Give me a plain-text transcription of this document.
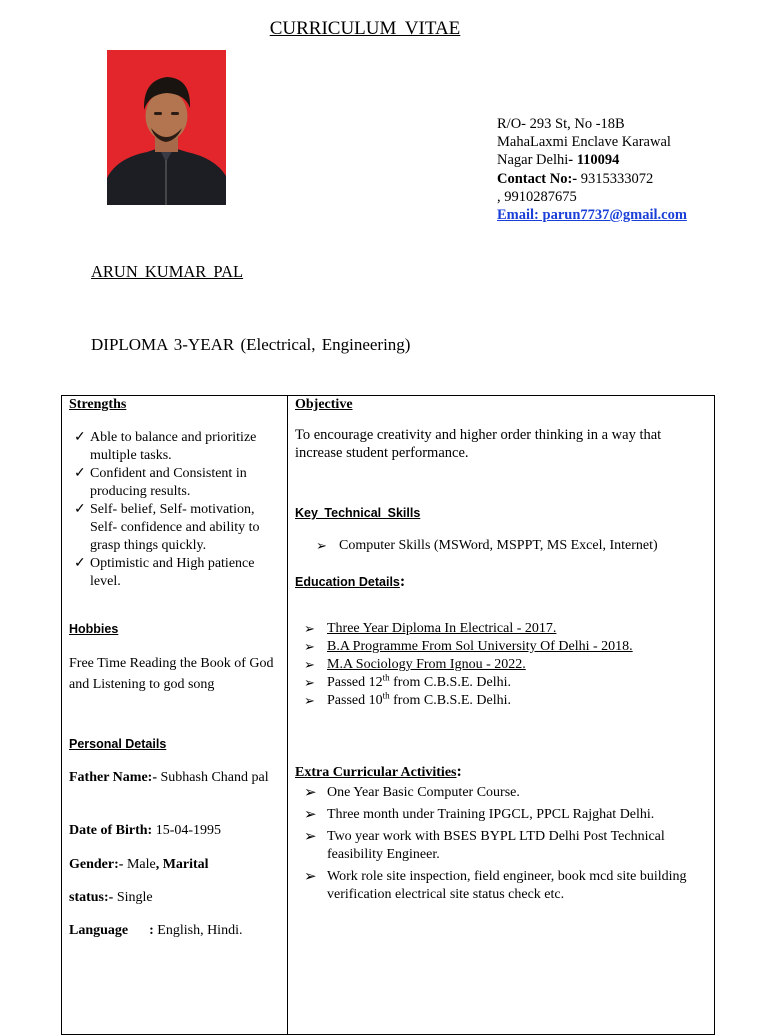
CURRICULUM VITAE
R/O- 293 St, No -18B
MahaLaxmi Enclave Karawal
Nagar Delhi- 110094
Contact No:- 9315333072
, 9910287675
Email: parun7737@gmail.com
ARUN KUMAR PAL
DIPLOMA 3-YEAR (Electrical, Engineering)
Strengths
✓ Able to balance and prioritize multiple tasks.
✓ Confident and Consistent in producing results.
✓ Self- belief, Self- motivation, Self- confidence and ability to grasp things quickly.
✓ Optimistic and High patience level.
Hobbies
Free Time Reading the Book of God and Listening to god song
Personal Details
Father Name:- Subhash Chand pal
Date of Birth: 15-04-1995
Gender:- Male, Marital
status:- Single
Language      : English, Hindi.
Objective
To encourage creativity and higher order thinking in a way that increase student performance.
Key Technical Skills
➢ Computer Skills (MSWord, MSPPT, MS Excel, Internet)
Education Details:
➢ Three Year Diploma In Electrical - 2017.
➢ B.A Programme From Sol University Of Delhi - 2018.
➢ M.A Sociology From Ignou - 2022.
➢ Passed 12th from C.B.S.E. Delhi.
➢ Passed 10th from C.B.S.E. Delhi.
Extra Curricular Activities:
➢ One Year Basic Computer Course.
➢ Three month under Training IPGCL, PPCL Rajghat Delhi.
➢ Two year work with BSES BYPL LTD Delhi Post Technical feasibility Engineer.
➢ Work role site inspection, field engineer, book mcd site building verification electrical site status check etc.
